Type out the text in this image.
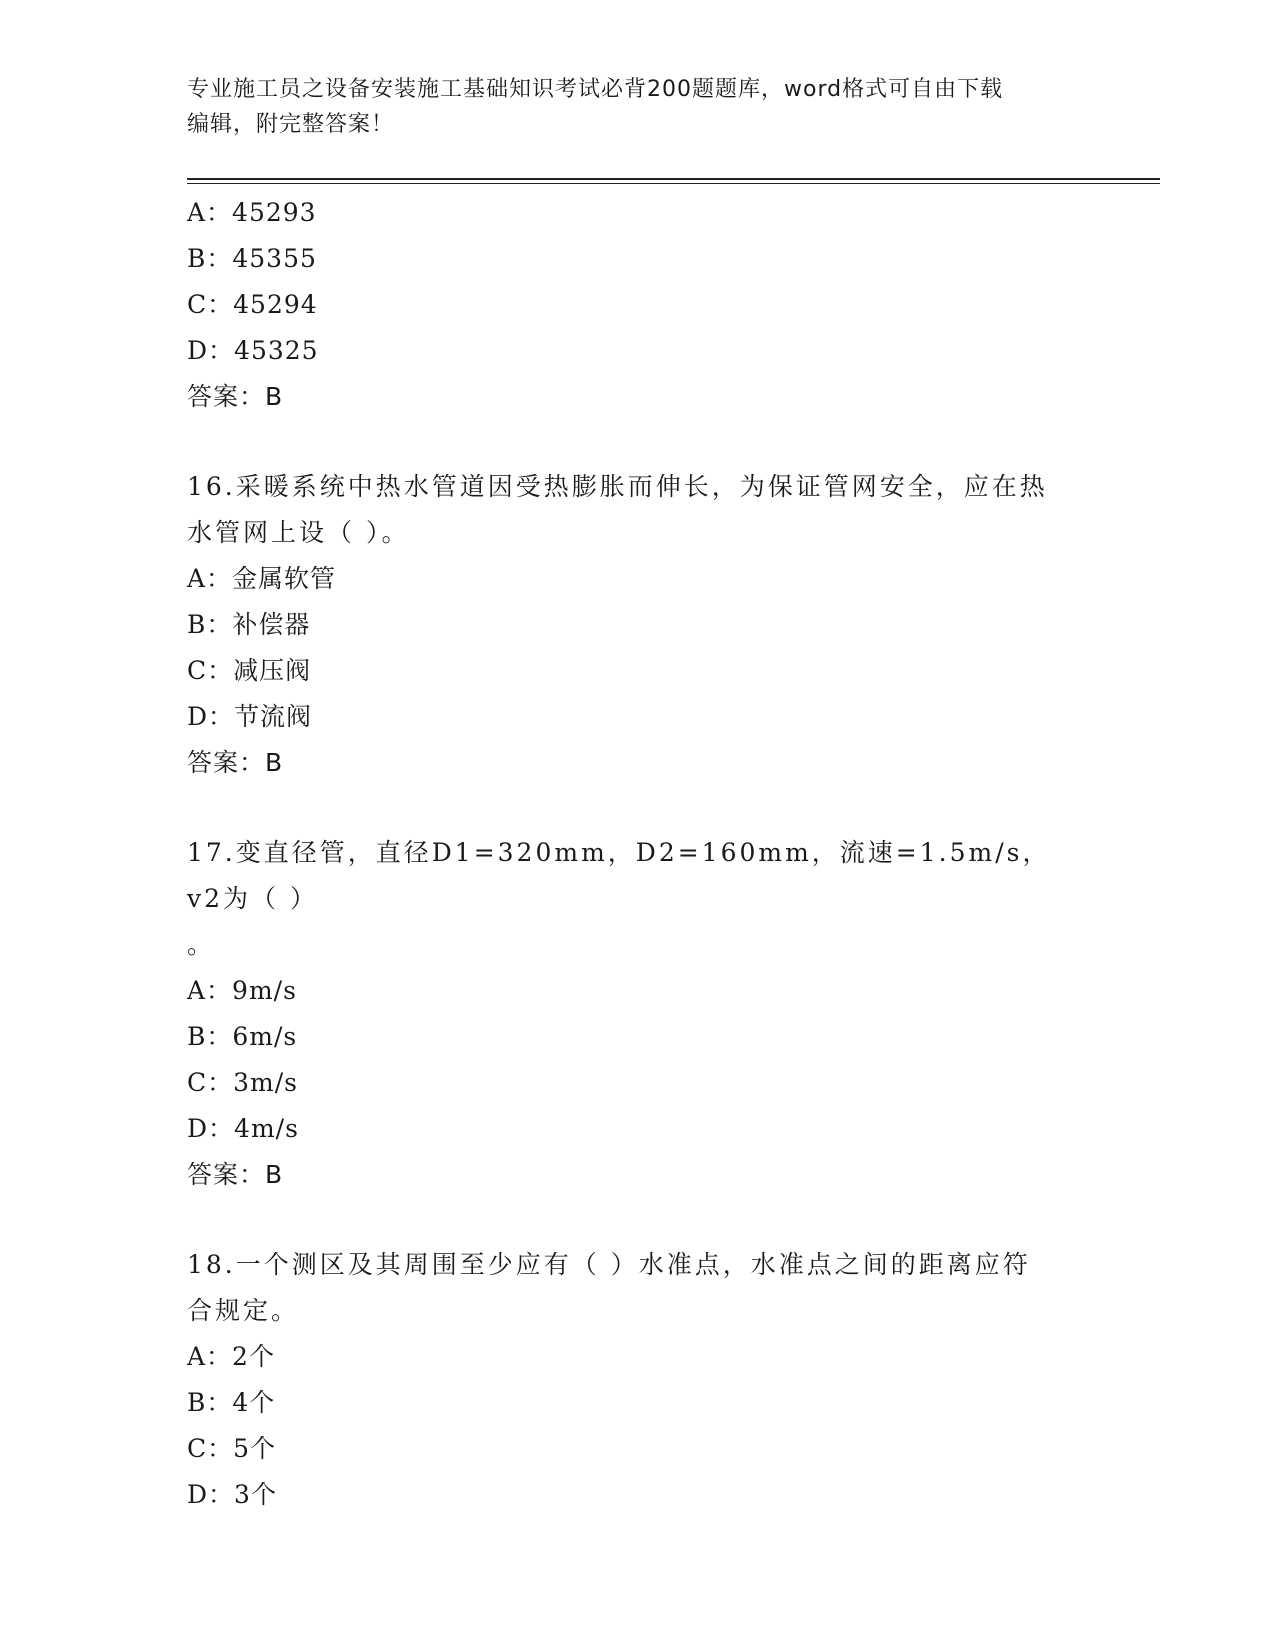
专业施工员之设备安装施工基础知识考试必背200题题库，word格式可自由下载
编辑，附完整答案！
A：45293
B：45355
C：45294
D：45325
答案：B
16.采暖系统中热水管道因受热膨胀而伸长，为保证管网安全，应在热
水管网上设（ ）。
A：金属软管
B：补偿器
C：减压阀
D：节流阀
答案：B
17.变直径管，直径D1=320mm，D2=160mm，流速=1.5m/s，v2为（ ）
。
A：9m/s
B：6m/s
C：3m/s
D：4m/s
答案：B
18.一个测区及其周围至少应有（ ）水准点，水准点之间的距离应符
合规定。
A：2个
B：4个
C：5个
D：3个
